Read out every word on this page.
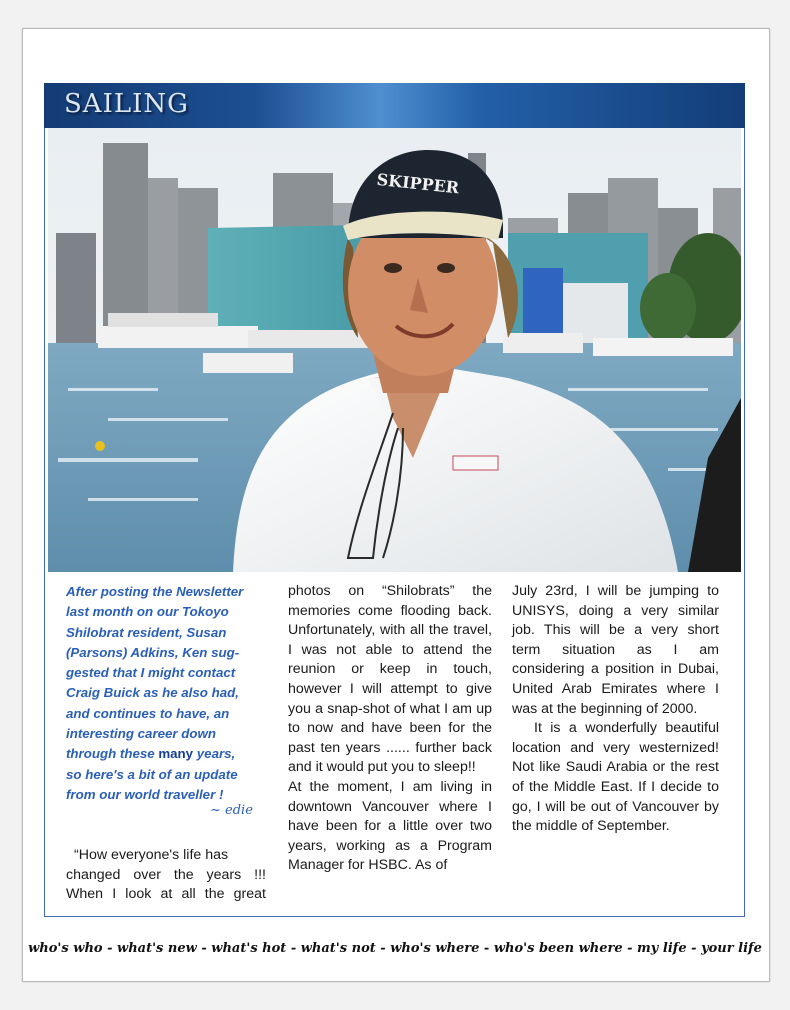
SAILING
SKIPPER
After posting the Newsletter
last month on our Tokoyo
Shilobrat resident, Susan
(Parsons) Adkins, Ken sug-
gested that I might contact
Craig Buick as he also had,
and continues to have, an
interesting career down
through these many years,
so here's a bit of an update
from our world traveller !
~ edie
“How everyone's life has
changed over the years !!!
When I look at all the great

photos on “Shilobrats” the memories come flooding back. Unfortunately, with all the travel, I was not able to attend the reunion or keep in touch, however I will attempt to give you a snap-shot of what I am up to now and have been for the past ten years ...... further back and it would put you to sleep!!

At the moment, I am living in downtown Vancouver where I have been for a little over two years, working as a Program Manager for HSBC. As of

July 23rd, I will be jumping to UNISYS, doing a very similar job. This will be a very short term situation as I am considering a position in Dubai, United Arab Emirates where I was at the beginning of 2000.

It is a wonderfully beautiful location and very westernized! Not like Saudi Arabia or the rest of the Middle East. If I decide to go, I will be out of Vancouver by the middle of September.

who's who - what's new - what's hot - what's not - who's where - who's been where - my life - your life
